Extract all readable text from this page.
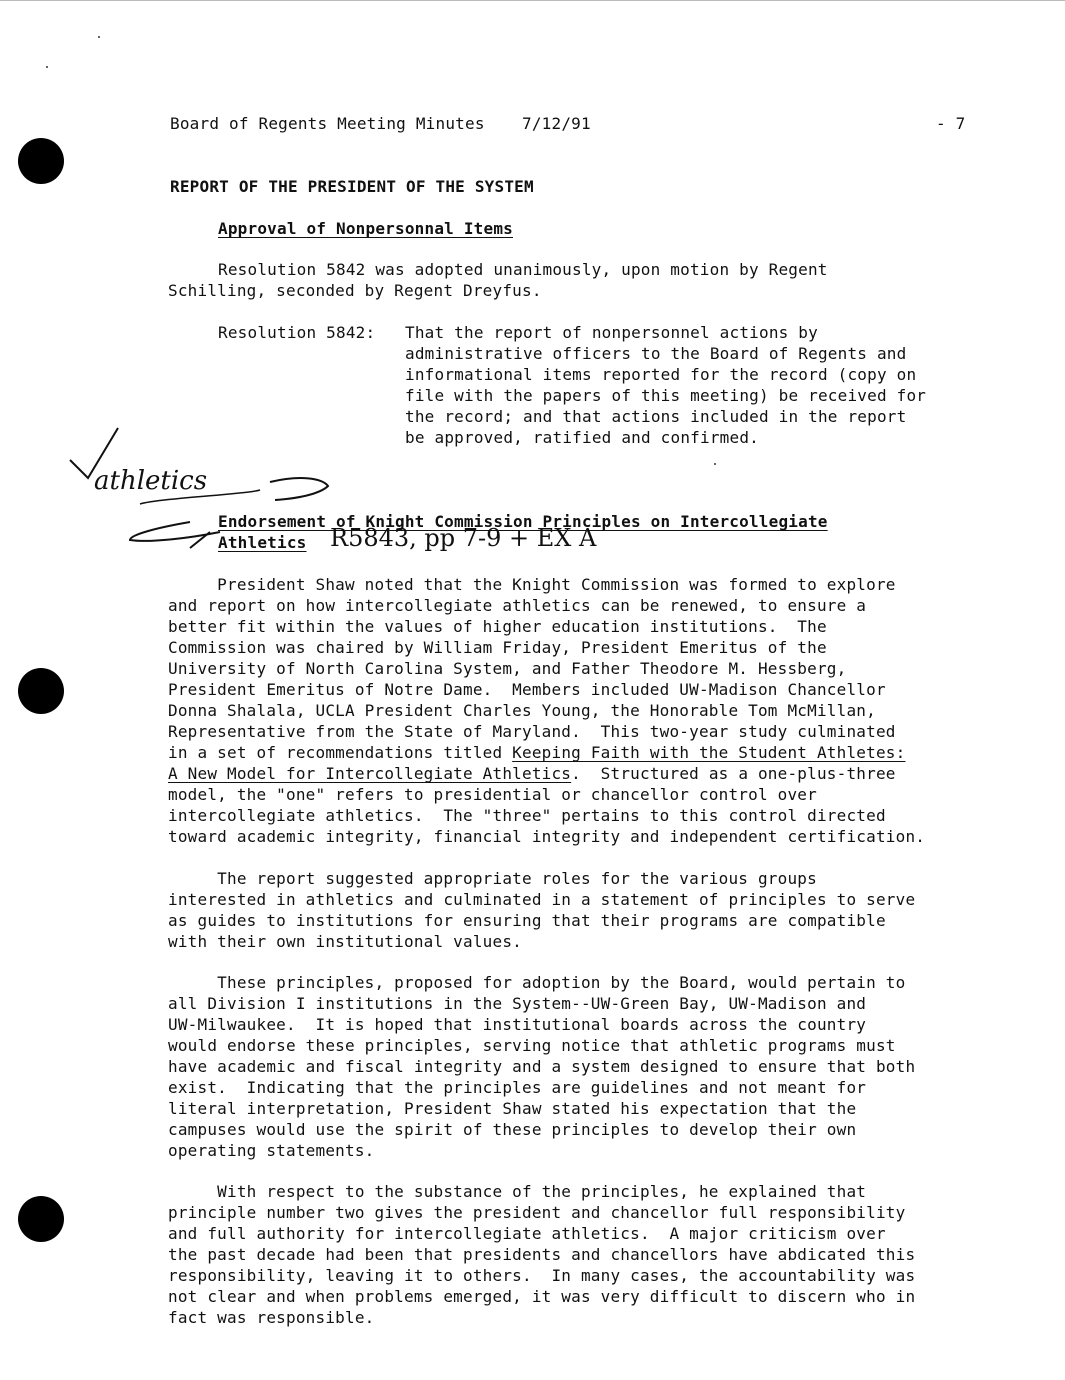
Board of Regents Meeting Minutes 7/12/91	- 7
REPORT OF THE PRESIDENT OF THE SYSTEM
Approval of Nonpersonnal Items
Resolution 5842 was adopted unanimously, upon motion by Regent
Schilling, seconded by Regent Dreyfus.
Resolution 5842: That the report of nonpersonnel actions by
administrative officers to the Board of Regents and
informational items reported for the record (copy on
file with the papers of this meeting) be received for
the record; and that actions included in the report
be approved, ratified and confirmed.
athletics
Endorsement of Knight Commission Principles on Intercollegiate
Athletics R5843, pp 7-9 + EX A
President Shaw noted that the Knight Commission was formed to explore
and report on how intercollegiate athletics can be renewed, to ensure a
better fit within the values of higher education institutions.  The
Commission was chaired by William Friday, President Emeritus of the
University of North Carolina System, and Father Theodore M. Hessberg,
President Emeritus of Notre Dame.  Members included UW-Madison Chancellor
Donna Shalala, UCLA President Charles Young, the Honorable Tom McMillan,
Representative from the State of Maryland.  This two-year study culminated
in a set of recommendations titled Keeping Faith with the Student Athletes:
A New Model for Intercollegiate Athletics.  Structured as a one-plus-three
model, the "one" refers to presidential or chancellor control over
intercollegiate athletics.  The "three" pertains to this control directed
toward academic integrity, financial integrity and independent certification.
The report suggested appropriate roles for the various groups
interested in athletics and culminated in a statement of principles to serve
as guides to institutions for ensuring that their programs are compatible
with their own institutional values.
These principles, proposed for adoption by the Board, would pertain to
all Division I institutions in the System--UW-Green Bay, UW-Madison and
UW-Milwaukee.  It is hoped that institutional boards across the country
would endorse these principles, serving notice that athletic programs must
have academic and fiscal integrity and a system designed to ensure that both
exist.  Indicating that the principles are guidelines and not meant for
literal interpretation, President Shaw stated his expectation that the
campuses would use the spirit of these principles to develop their own
operating statements.
With respect to the substance of the principles, he explained that
principle number two gives the president and chancellor full responsibility
and full authority for intercollegiate athletics.  A major criticism over
the past decade had been that presidents and chancellors have abdicated this
responsibility, leaving it to others.  In many cases, the accountability was
not clear and when problems emerged, it was very difficult to discern who in
fact was responsible.
